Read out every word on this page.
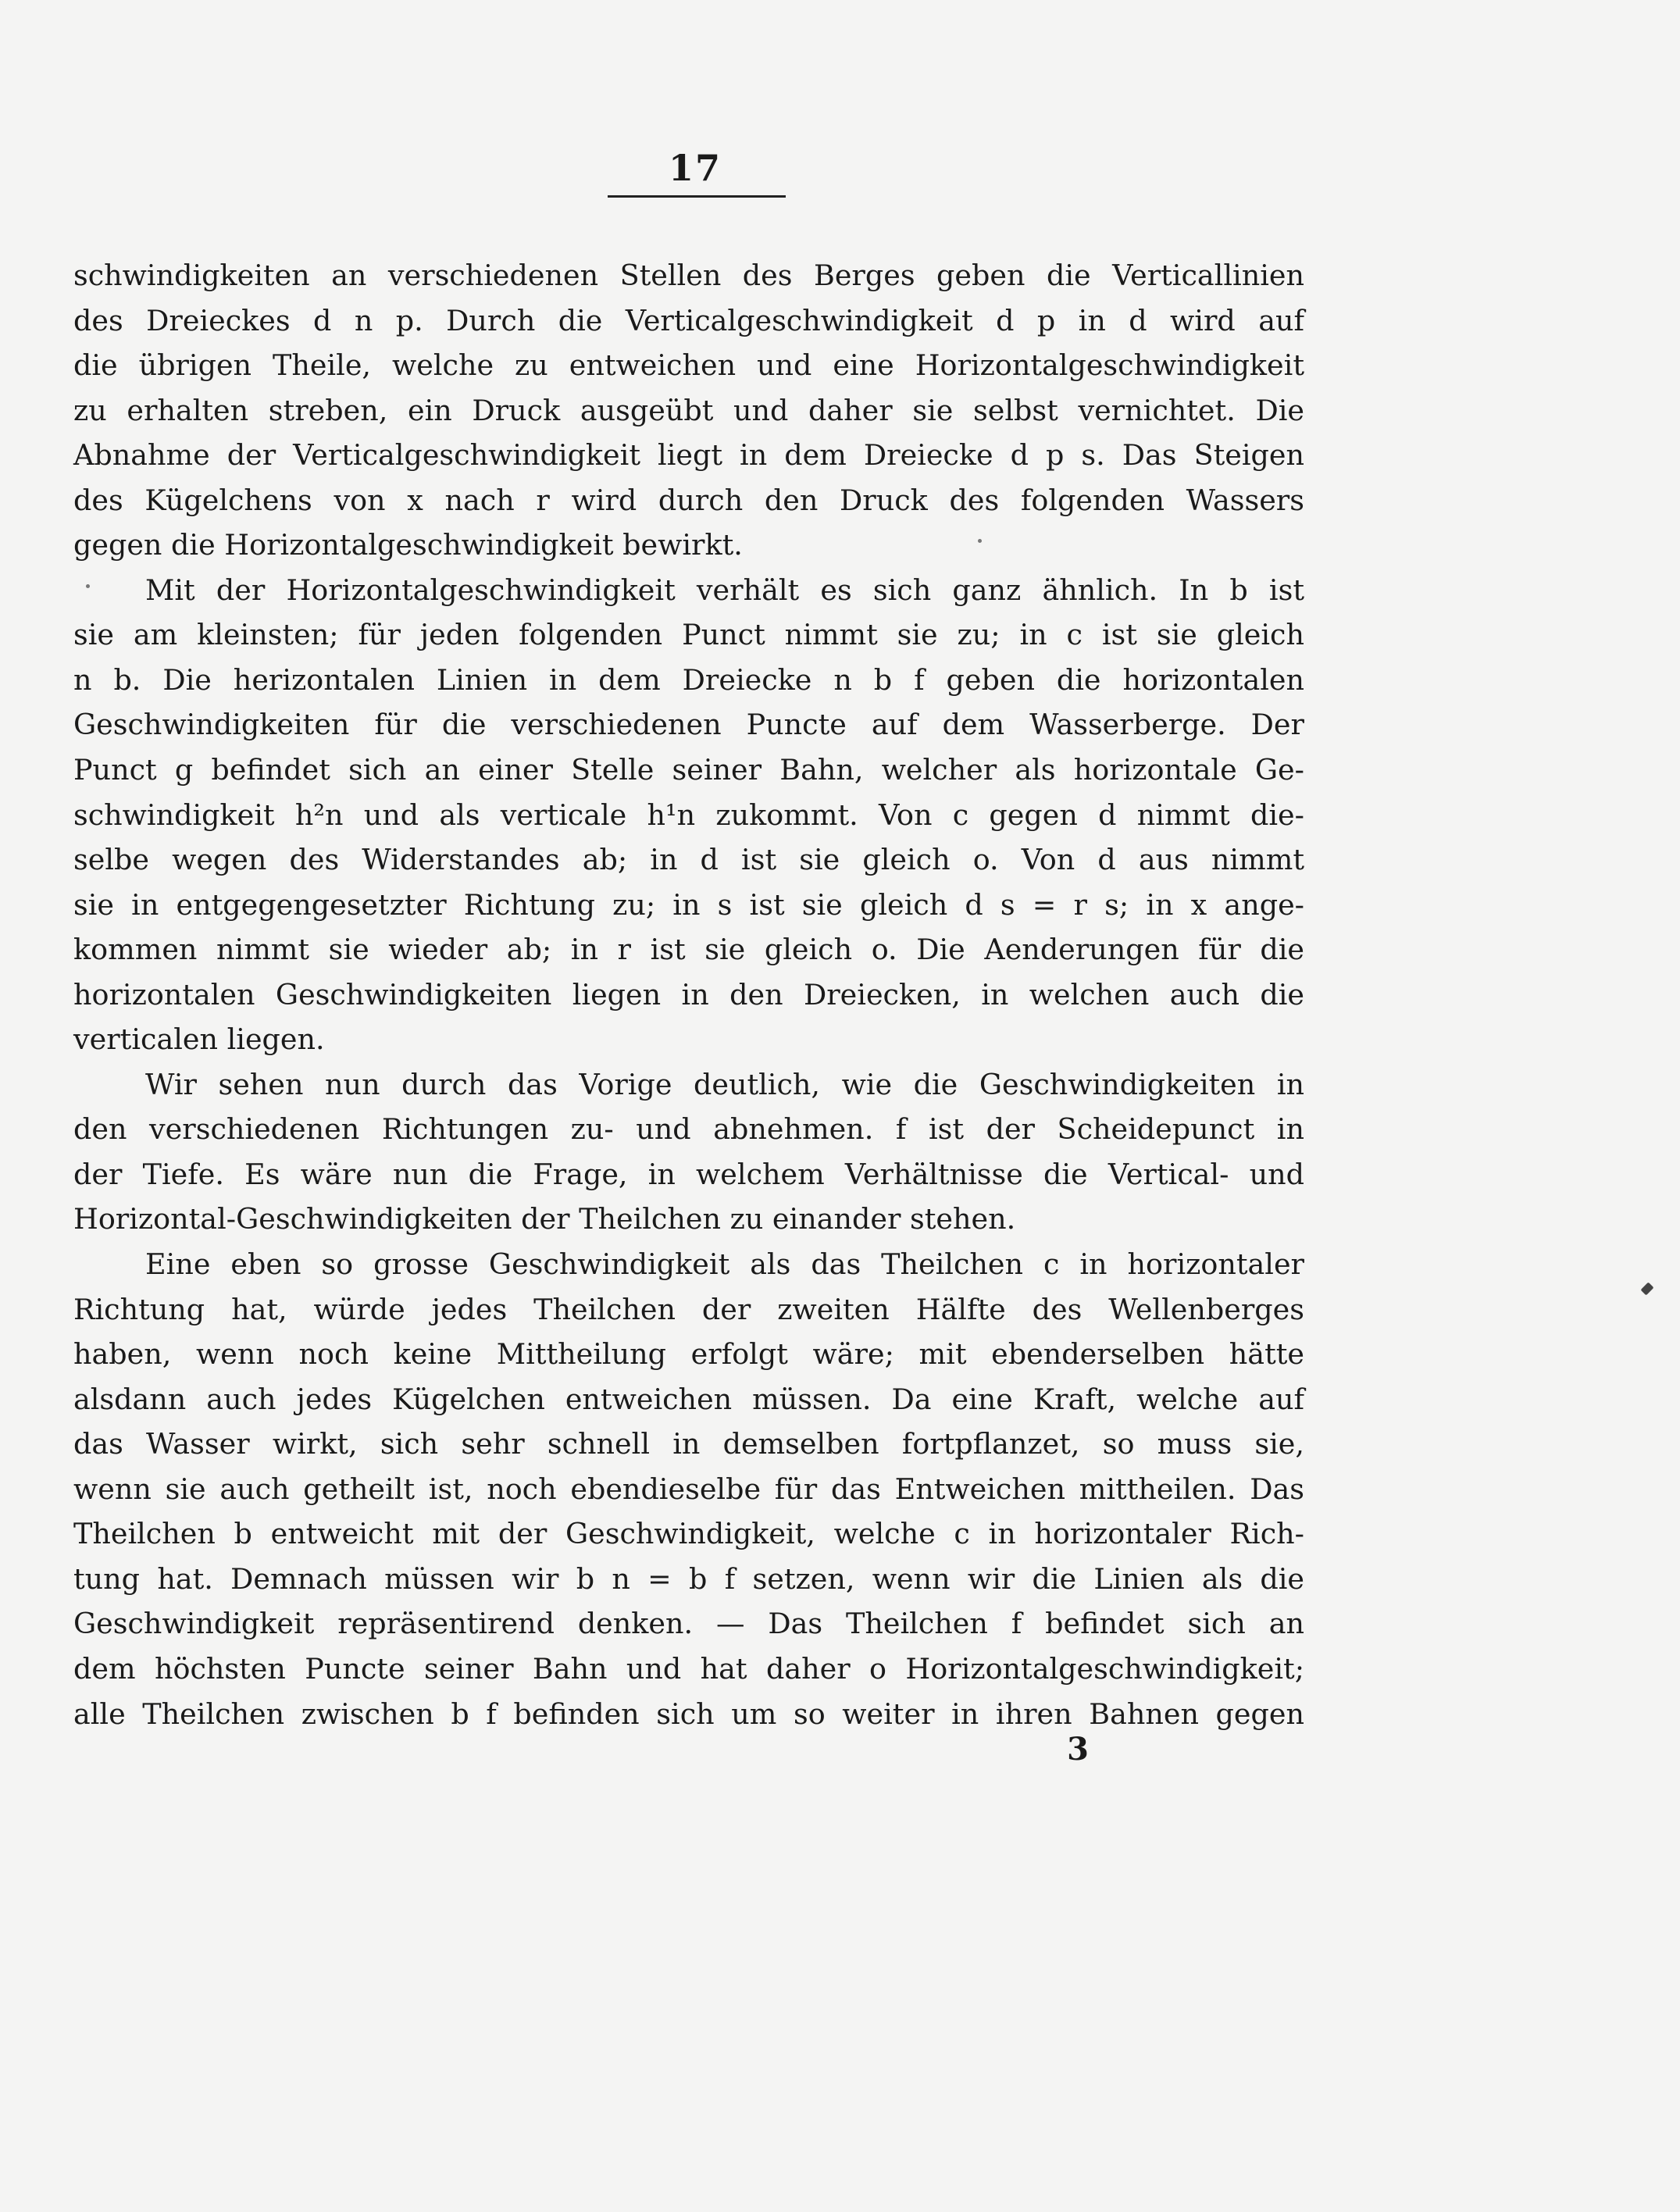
17
schwindigkeiten an verschiedenen Stellen des Berges geben die Verticallinien
des Dreieckes d n p. Durch die Verticalgeschwindigkeit d p in d wird auf
die übrigen Theile, welche zu entweichen und eine Horizontalgeschwindigkeit
zu erhalten streben, ein Druck ausgeübt und daher sie selbst vernichtet. Die
Abnahme der Verticalgeschwindigkeit liegt in dem Dreiecke d p s. Das Steigen
des Kügelchens von x nach r wird durch den Druck des folgenden Wassers
gegen die Horizontalgeschwindigkeit bewirkt.
Mit der Horizontalgeschwindigkeit verhält es sich ganz ähnlich. In b ist
sie am kleinsten; für jeden folgenden Punct nimmt sie zu; in c ist sie gleich
n b. Die herizontalen Linien in dem Dreiecke n b f geben die horizontalen
Geschwindigkeiten für die verschiedenen Puncte auf dem Wasserberge. Der
Punct g befindet sich an einer Stelle seiner Bahn, welcher als horizontale Ge-
schwindigkeit h²n und als verticale h¹n zukommt. Von c gegen d nimmt die-
selbe wegen des Widerstandes ab; in d ist sie gleich o. Von d aus nimmt
sie in entgegengesetzter Richtung zu; in s ist sie gleich d s = r s; in x ange-
kommen nimmt sie wieder ab; in r ist sie gleich o. Die Aenderungen für die
horizontalen Geschwindigkeiten liegen in den Dreiecken, in welchen auch die
verticalen liegen.
Wir sehen nun durch das Vorige deutlich, wie die Geschwindigkeiten in
den verschiedenen Richtungen zu- und abnehmen. f ist der Scheidepunct in
der Tiefe. Es wäre nun die Frage, in welchem Verhältnisse die Vertical- und
Horizontal-Geschwindigkeiten der Theilchen zu einander stehen.
Eine eben so grosse Geschwindigkeit als das Theilchen c in horizontaler
Richtung hat, würde jedes Theilchen der zweiten Hälfte des Wellenberges
haben, wenn noch keine Mittheilung erfolgt wäre; mit ebenderselben hätte
alsdann auch jedes Kügelchen entweichen müssen. Da eine Kraft, welche auf
das Wasser wirkt, sich sehr schnell in demselben fortpflanzet, so muss sie,
wenn sie auch getheilt ist, noch ebendieselbe für das Entweichen mittheilen. Das
Theilchen b entweicht mit der Geschwindigkeit, welche c in horizontaler Rich-
tung hat. Demnach müssen wir b n = b f setzen, wenn wir die Linien als die
Geschwindigkeit repräsentirend denken. — Das Theilchen f befindet sich an
dem höchsten Puncte seiner Bahn und hat daher o Horizontalgeschwindigkeit;
alle Theilchen zwischen b f befinden sich um so weiter in ihren Bahnen gegen
3
